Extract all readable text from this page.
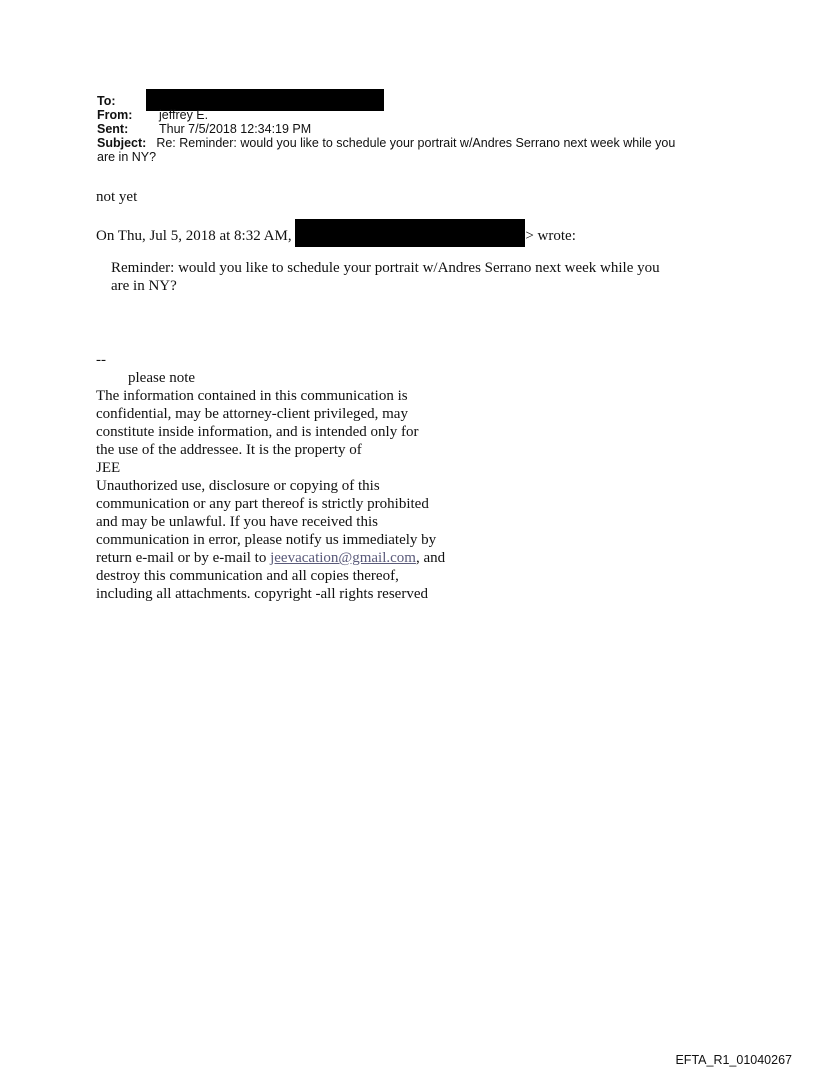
To:
From: jeffrey E.
Sent: Thur 7/5/2018 12:34:19 PM
Subject: Re: Reminder: would you like to schedule your portrait w/Andres Serrano next week while you
are in NY?
not yet
On Thu, Jul 5, 2018 at 8:32 AM,	> wrote:
Reminder: would you like to schedule your portrait w/Andres Serrano next week while you
are in NY?
--
please note
The information contained in this communication is
confidential, may be attorney-client privileged, may
constitute inside information, and is intended only for
the use of the addressee. It is the property of
JEE
Unauthorized use, disclosure or copying of this
communication or any part thereof is strictly prohibited
and may be unlawful. If you have received this
communication in error, please notify us immediately by
return e-mail or by e-mail to jeevacation@gmail.com, and
destroy this communication and all copies thereof,
including all attachments. copyright -all rights reserved
EFTA_R1_01040267
